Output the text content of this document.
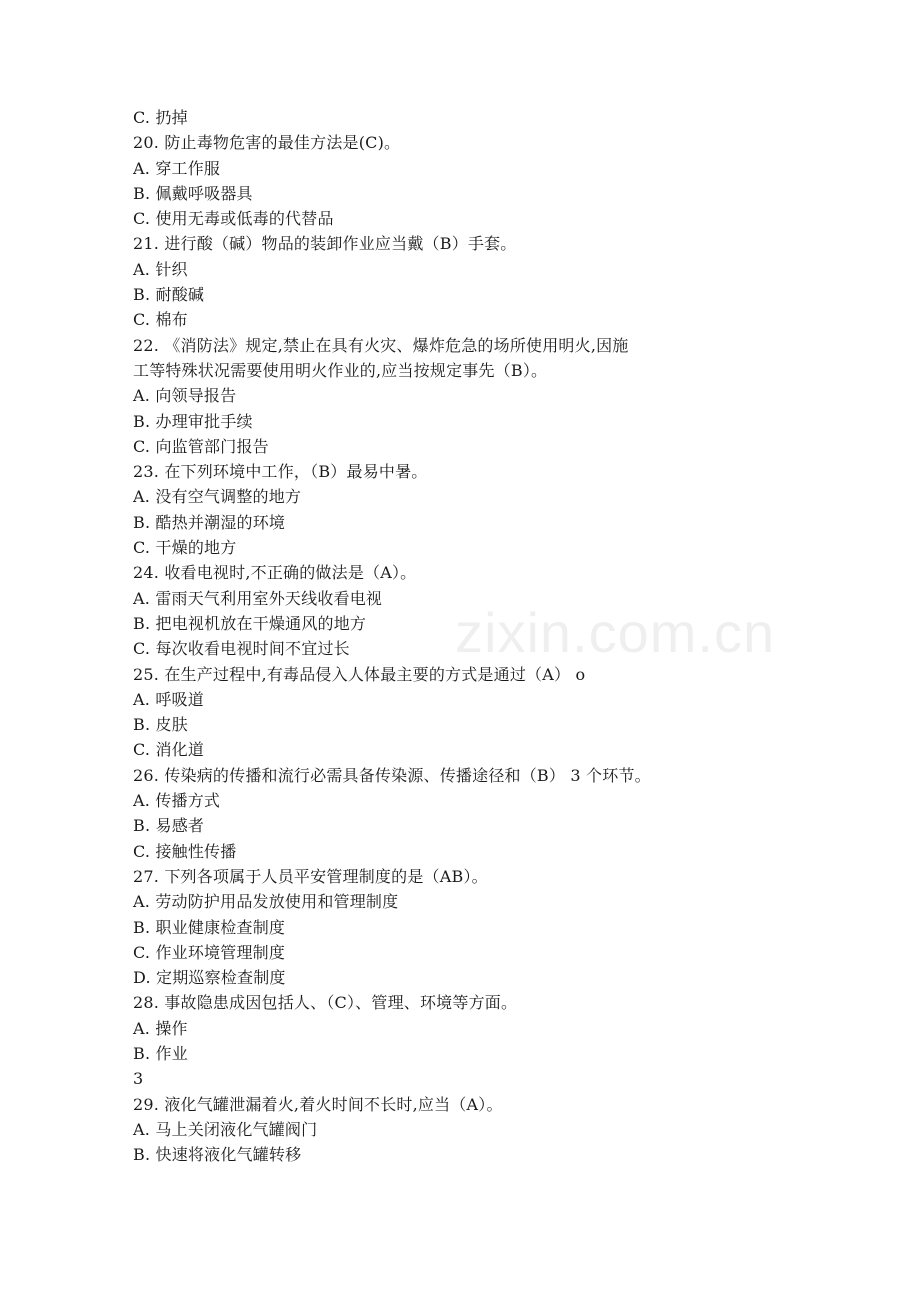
zixin.com.cn
C. 扔掉
20. 防止毒物危害的最佳方法是(C)。
A. 穿工作服
B. 佩戴呼吸器具
C. 使用无毒或低毒的代替品
21. 进行酸（碱）物品的装卸作业应当戴（B）手套。
A. 针织
B. 耐酸碱
C. 棉布
22. 《消防法》规定,禁止在具有火灾、爆炸危急的场所使用明火,因施
工等特殊状况需要使用明火作业的,应当按规定事先（B）。
A. 向领导报告
B. 办理审批手续
C. 向监管部门报告
23. 在下列环境中工作，（B）最易中暑。
A. 没有空气调整的地方
B. 酷热并潮湿的环境
C. 干燥的地方
24. 收看电视时,不正确的做法是（A）。
A. 雷雨天气利用室外天线收看电视
B. 把电视机放在干燥通风的地方
C. 每次收看电视时间不宜过长
25. 在生产过程中,有毒品侵入人体最主要的方式是通过（A） o
A. 呼吸道
B. 皮肤
C. 消化道
26. 传染病的传播和流行必需具备传染源、传播途径和（B） 3 个环节。
A. 传播方式
B. 易感者
C. 接触性传播
27. 下列各项属于人员平安管理制度的是（AB）。
A. 劳动防护用品发放使用和管理制度
B. 职业健康检查制度
C. 作业环境管理制度
D. 定期巡察检查制度
28. 事故隐患成因包括人、（C）、管理、环境等方面。
A. 操作
B. 作业
3
29. 液化气罐泄漏着火,着火时间不长时,应当（A）。
A. 马上关闭液化气罐阀门
B. 快速将液化气罐转移
